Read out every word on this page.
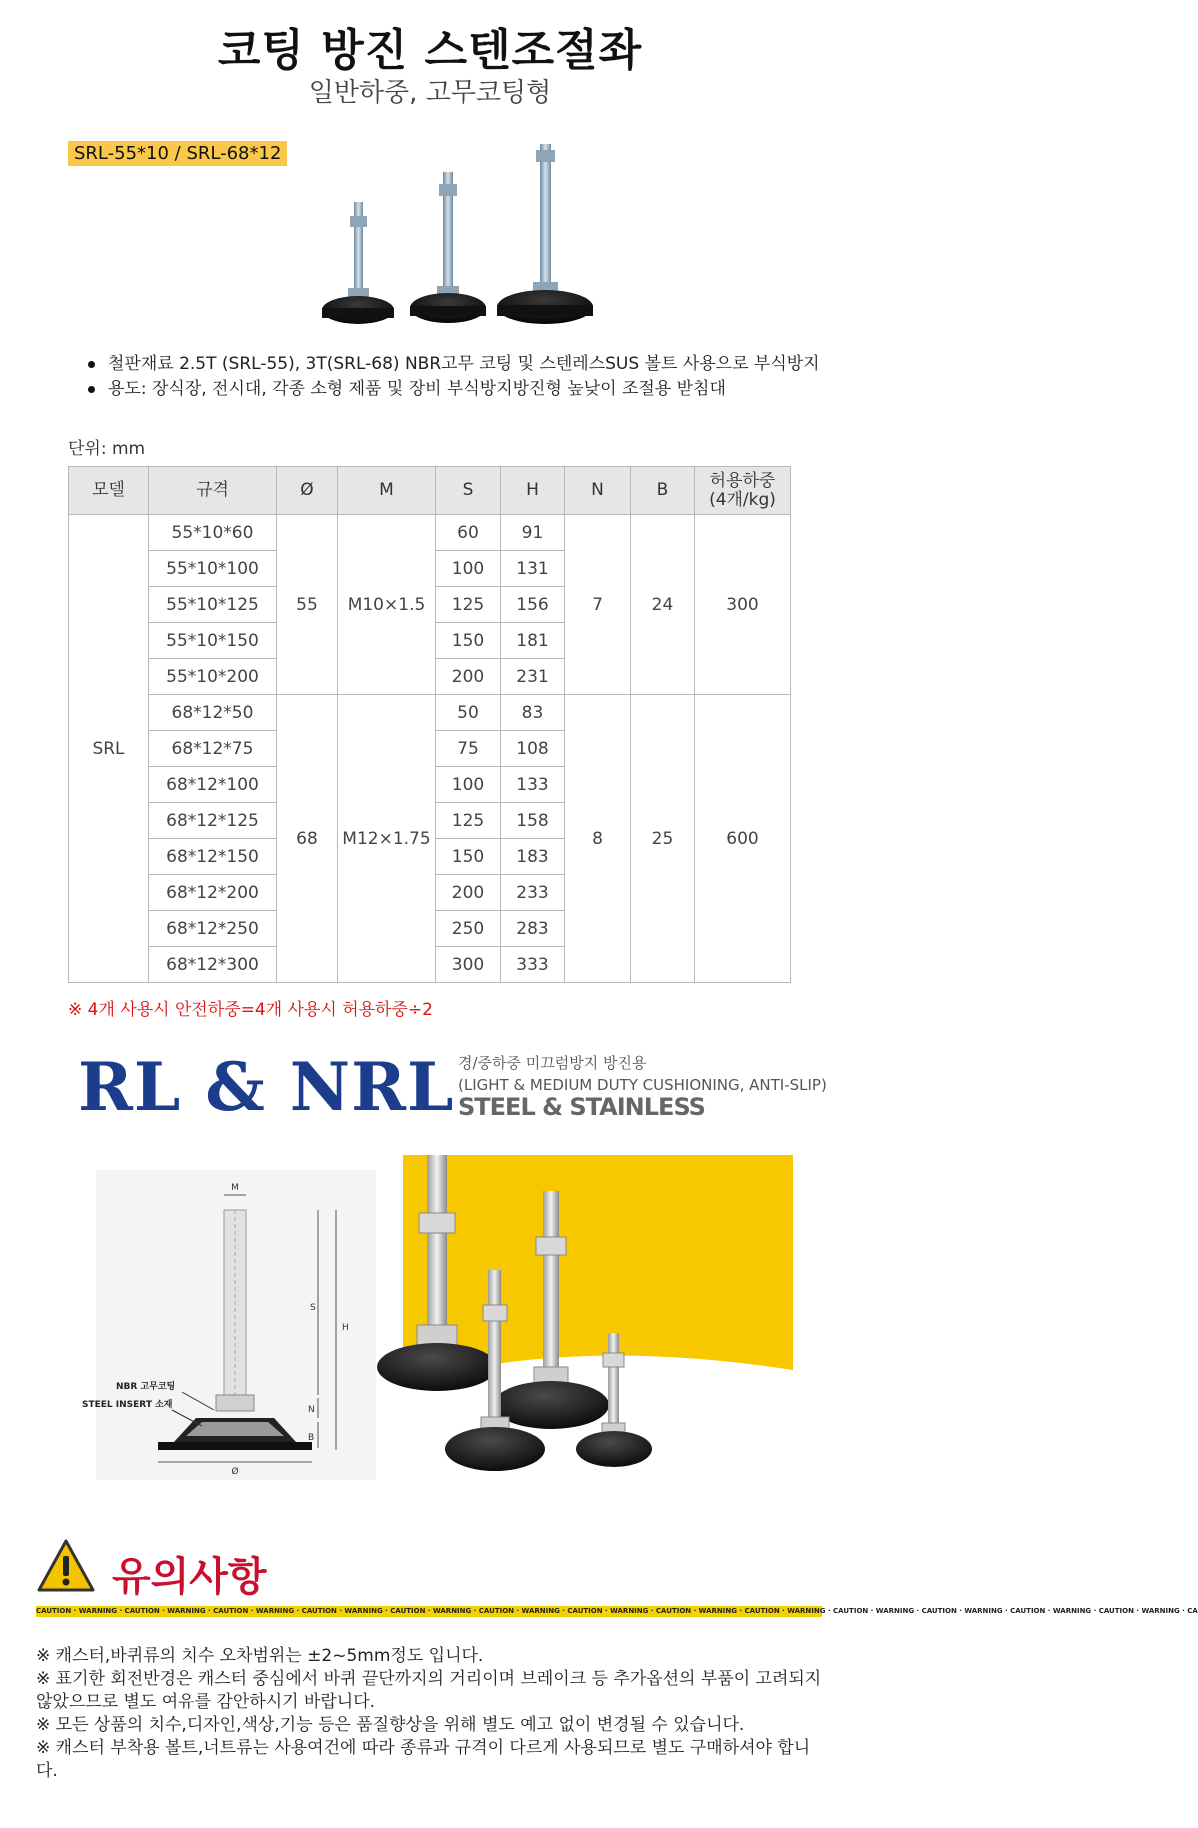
코팅 방진 스텐조절좌
일반하중, 고무코팅형
SRL-55*10 / SRL-68*12
철판재료 2.5T (SRL-55), 3T(SRL-68) NBR고무 코팅 및 스텐레스SUS 볼트 사용으로 부식방지
용도: 장식장, 전시대, 각종 소형 제품 및 장비 부식방지방진형 높낮이 조절용 받침대
단위: mm
모델	규격	Ø	M	S	H	N	B	허용하중
(4개/kg)
SRL	55*10*60	55	M10×1.5	60	91	7	24	300
	55*10*100			100	131			
	55*10*125			125	156			
	55*10*150			150	181			
	55*10*200			200	231			
	68*12*50	68	M12×1.75	50	83	8	25	600
	68*12*75			75	108			
	68*12*100			100	133			
	68*12*125			125	158			
	68*12*150			150	183			
	68*12*200			200	233			
	68*12*250			250	283			
	68*12*300			300	333			
※ 4개 사용시 안전하중=4개 사용시 허용하중÷2
RL & NRL 경/중하중 미끄럼방지 방진용
(LIGHT & MEDIUM DUTY CUSHIONING, ANTI-SLIP)
STEEL & STAINLESS
M
S
H
N
B
Ø
NBR 고무코팅
STEEL INSERT 소재
유의사항
CAUTION · WARNING · CAUTION · WARNING · CAUTION · WARNING · CAUTION · WARNING · CAUTION · WARNING · CAUTION · WARNING · CAUTION · WARNING · CAUTION · WARNING · CAUTION · WARNING · CAUTION · WARNING · CAUTION · WARNING · CAUTION · WARNING · CAUTION · WARNING · CA
※ 캐스터,바퀴류의 치수 오차범위는 ±2~5mm정도 입니다.
※ 표기한 회전반경은 캐스터 중심에서 바퀴 끝단까지의 거리이며 브레이크 등 추가옵션의 부품이 고려되지 않았으므로 별도 여유를 감안하시기 바랍니다.
※ 모든 상품의 치수,디자인,색상,기능 등은 품질향상을 위해 별도 예고 없이 변경될 수 있습니다.
※ 캐스터 부착용 볼트,너트류는 사용여건에 따라 종류과 규격이 다르게 사용되므로 별도 구매하셔야 합니다.
